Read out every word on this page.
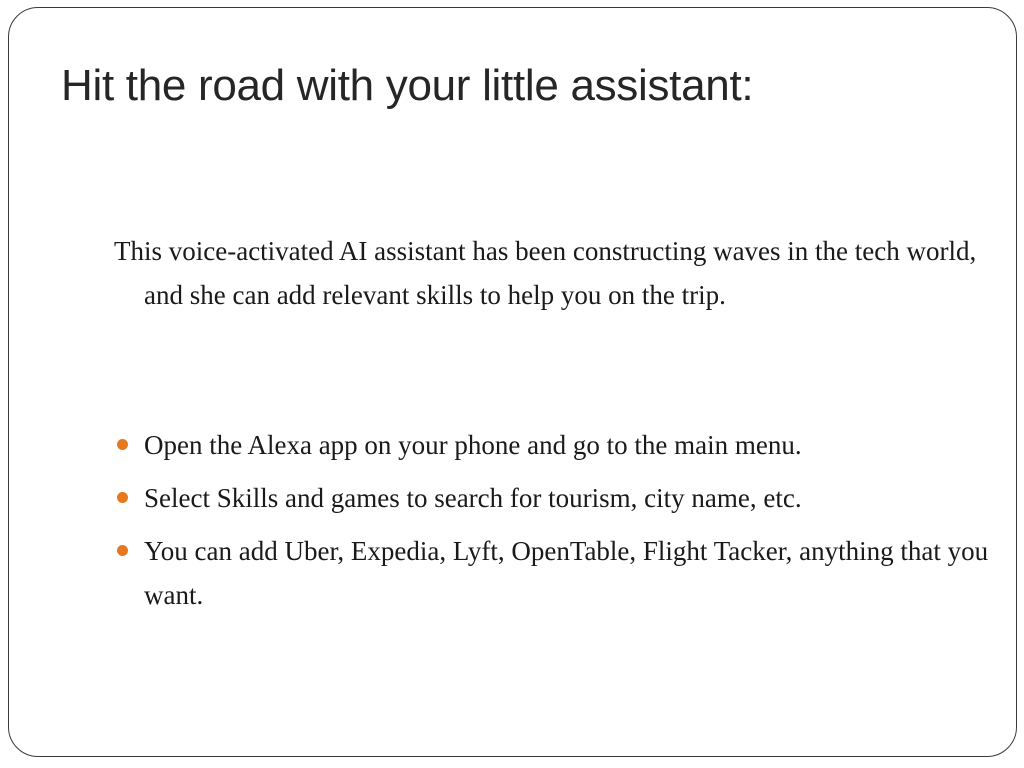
Hit the road with your little assistant:

This voice-activated AI assistant has been constructing waves in the tech world, and she can add relevant skills to help you on the trip.

Open the Alexa app on your phone and go to the main menu.
Select Skills and games to search for tourism, city name, etc.
You can add Uber, Expedia, Lyft, OpenTable, Flight Tacker, anything that you want.
